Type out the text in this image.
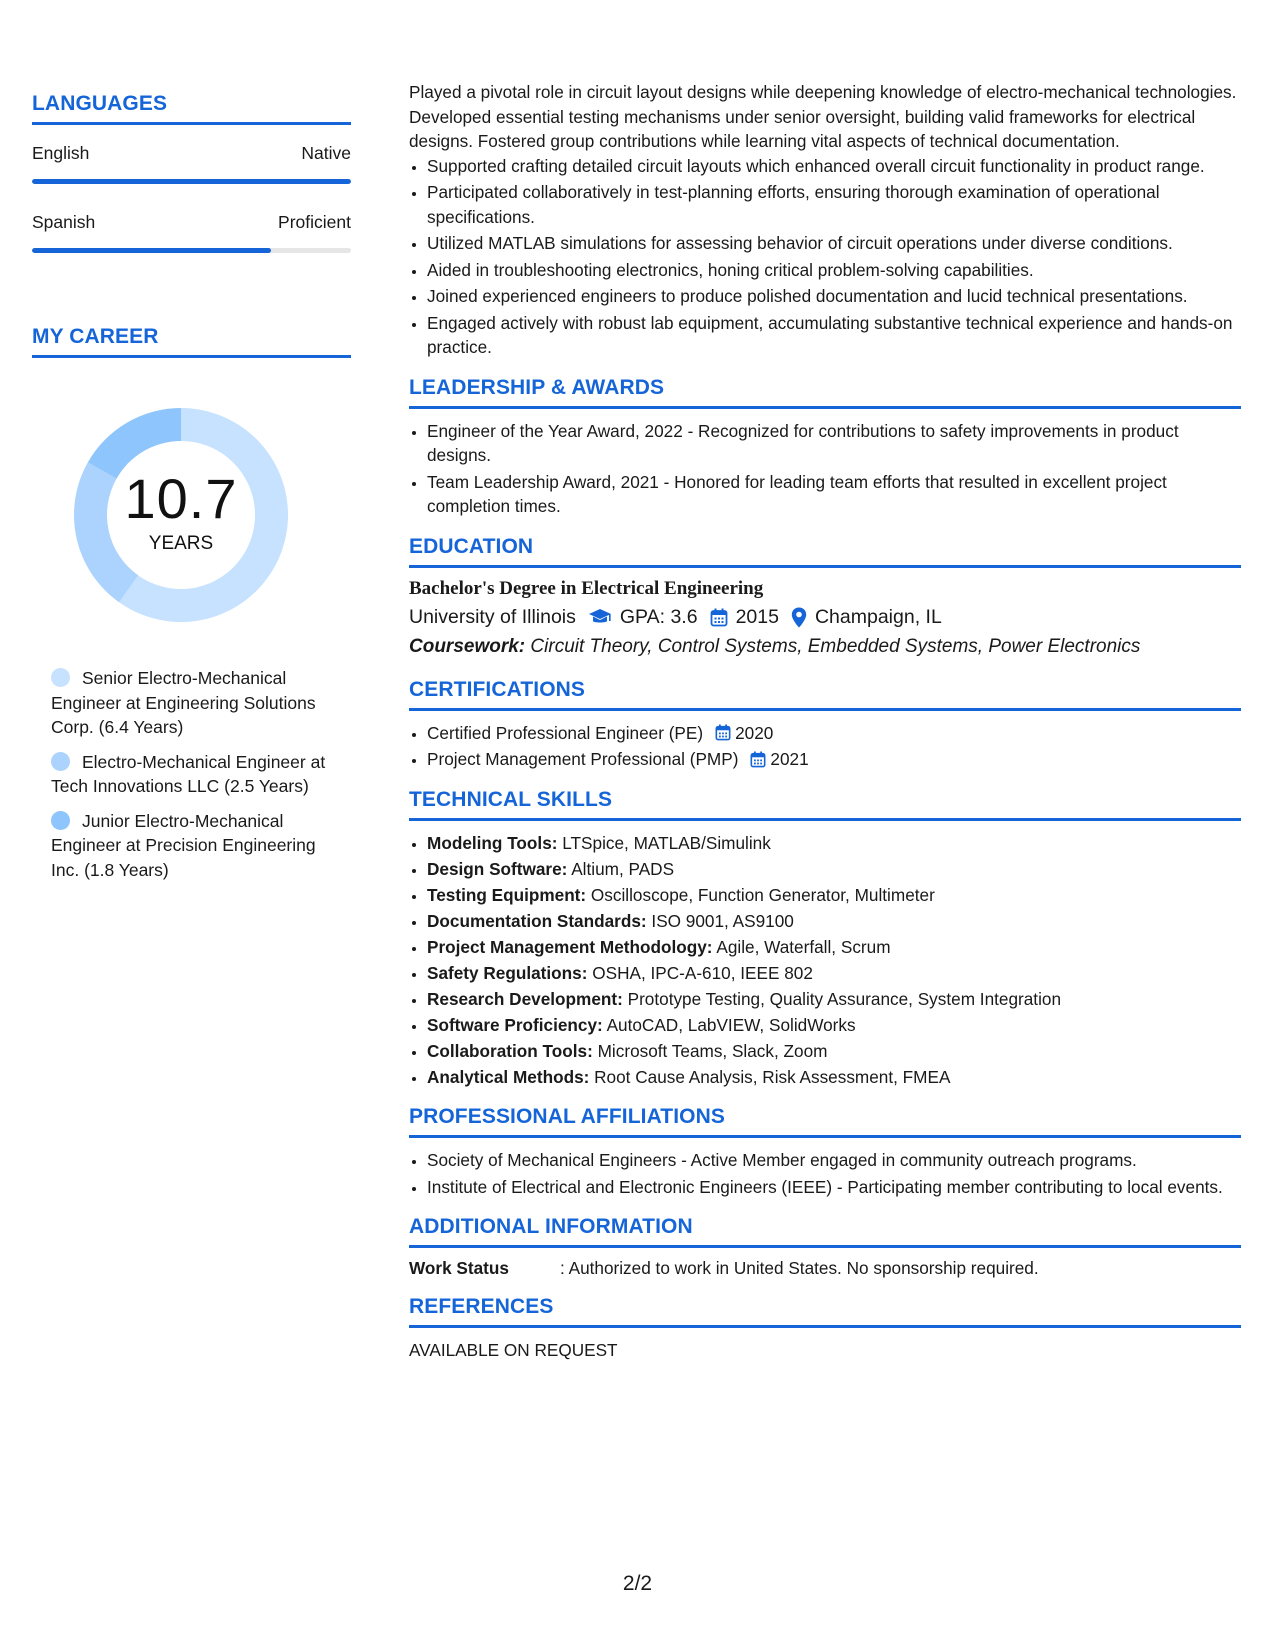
LANGUAGES
English	Native
Spanish	Proficient
MY CAREER
10.7
YEARS
Senior Electro-Mechanical Engineer at Engineering Solutions Corp. (6.4 Years)
Electro-Mechanical Engineer at Tech Innovations LLC (2.5 Years)
Junior Electro-Mechanical Engineer at Precision Engineering Inc. (1.8 Years)
Played a pivotal role in circuit layout designs while deepening knowledge of electro-mechanical technologies. Developed essential testing mechanisms under senior oversight, building valid frameworks for electrical designs. Fostered group contributions while learning vital aspects of technical documentation.
• Supported crafting detailed circuit layouts which enhanced overall circuit functionality in product range.
• Participated collaboratively in test-planning efforts, ensuring thorough examination of operational specifications.
• Utilized MATLAB simulations for assessing behavior of circuit operations under diverse conditions.
• Aided in troubleshooting electronics, honing critical problem-solving capabilities.
• Joined experienced engineers to produce polished documentation and lucid technical presentations.
• Engaged actively with robust lab equipment, accumulating substantive technical experience and hands-on practice.
LEADERSHIP & AWARDS
• Engineer of the Year Award, 2022 - Recognized for contributions to safety improvements in product designs.
• Team Leadership Award, 2021 - Honored for leading team efforts that resulted in excellent project completion times.
EDUCATION
Bachelor's Degree in Electrical Engineering
University of Illinois GPA: 3.6 2015 Champaign, IL
Coursework: Circuit Theory, Control Systems, Embedded Systems, Power Electronics
CERTIFICATIONS
• Certified Professional Engineer (PE) 2020
• Project Management Professional (PMP) 2021
TECHNICAL SKILLS
• Modeling Tools: LTSpice, MATLAB/Simulink
• Design Software: Altium, PADS
• Testing Equipment: Oscilloscope, Function Generator, Multimeter
• Documentation Standards: ISO 9001, AS9100
• Project Management Methodology: Agile, Waterfall, Scrum
• Safety Regulations: OSHA, IPC-A-610, IEEE 802
• Research Development: Prototype Testing, Quality Assurance, System Integration
• Software Proficiency: AutoCAD, LabVIEW, SolidWorks
• Collaboration Tools: Microsoft Teams, Slack, Zoom
• Analytical Methods: Root Cause Analysis, Risk Assessment, FMEA
PROFESSIONAL AFFILIATIONS
• Society of Mechanical Engineers - Active Member engaged in community outreach programs.
• Institute of Electrical and Electronic Engineers (IEEE) - Participating member contributing to local events.
ADDITIONAL INFORMATION
Work Status	: Authorized to work in United States. No sponsorship required.
REFERENCES
AVAILABLE ON REQUEST
2/2
